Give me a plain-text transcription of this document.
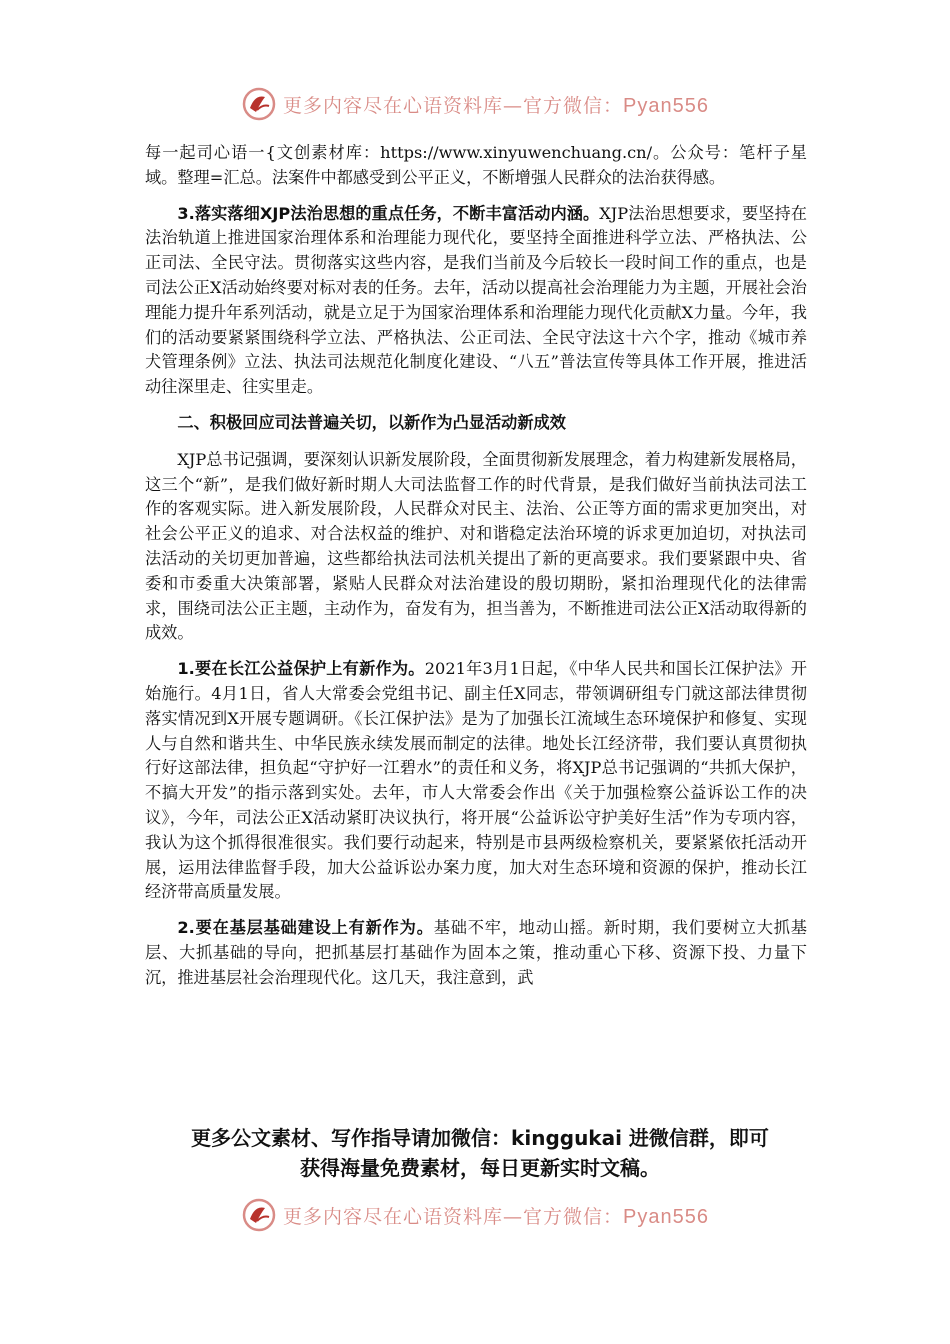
更多内容尽在心语资料库—官方微信：Pyan556

每一起司心语一{文创素材库：https://www.xinyuwenchuang.cn/。公众号：笔杆子星域。整理=汇总。法案件中都感受到公平正义，不断增强人民群众的法治获得感。

3.落实落细XJP法治思想的重点任务，不断丰富活动内涵。XJP法治思想要求，要坚持在法治轨道上推进国家治理体系和治理能力现代化，要坚持全面推进科学立法、严格执法、公正司法、全民守法。贯彻落实这些内容，是我们当前及今后较长一段时间工作的重点，也是司法公正X活动始终要对标对表的任务。去年，活动以提高社会治理能力为主题，开展社会治理能力提升年系列活动，就是立足于为国家治理体系和治理能力现代化贡献X力量。今年，我们的活动要紧紧围绕科学立法、严格执法、公正司法、全民守法这十六个字，推动《城市养犬管理条例》立法、执法司法规范化制度化建设、“八五”普法宣传等具体工作开展，推进活动往深里走、往实里走。

二、积极回应司法普遍关切，以新作为凸显活动新成效

XJP总书记强调，要深刻认识新发展阶段，全面贯彻新发展理念，着力构建新发展格局，这三个“新”，是我们做好新时期人大司法监督工作的时代背景，是我们做好当前执法司法工作的客观实际。进入新发展阶段，人民群众对民主、法治、公正等方面的需求更加突出，对社会公平正义的追求、对合法权益的维护、对和谐稳定法治环境的诉求更加迫切，对执法司法活动的关切更加普遍，这些都给执法司法机关提出了新的更高要求。我们要紧跟中央、省委和市委重大决策部署，紧贴人民群众对法治建设的殷切期盼，紧扣治理现代化的法律需求，围绕司法公正主题，主动作为，奋发有为，担当善为，不断推进司法公正X活动取得新的成效。

1.要在长江公益保护上有新作为。2021年3月1日起，《中华人民共和国长江保护法》开始施行。4月1日，省人大常委会党组书记、副主任X同志，带领调研组专门就这部法律贯彻落实情况到X开展专题调研。《长江保护法》是为了加强长江流域生态环境保护和修复、实现人与自然和谐共生、中华民族永续发展而制定的法律。地处长江经济带，我们要认真贯彻执行好这部法律，担负起“守护好一江碧水”的责任和义务，将XJP总书记强调的“共抓大保护，不搞大开发”的指示落到实处。去年，市人大常委会作出《关于加强检察公益诉讼工作的决议》，今年，司法公正X活动紧盯决议执行，将开展“公益诉讼守护美好生活”作为专项内容，我认为这个抓得很准很实。我们要行动起来，特别是市县两级检察机关，要紧紧依托活动开展，运用法律监督手段，加大公益诉讼办案力度，加大对生态环境和资源的保护，推动长江经济带高质量发展。

2.要在基层基础建设上有新作为。基础不牢，地动山摇。新时期，我们要树立大抓基层、大抓基础的导向，把抓基层打基础作为固本之策，推动重心下移、资源下投、力量下沉，推进基层社会治理现代化。这几天，我注意到，武

更多公文素材、写作指导请加微信：kinggukai 进微信群，即可
获得海量免费素材，每日更新实时文稿。
更多内容尽在心语资料库—官方微信：Pyan556
